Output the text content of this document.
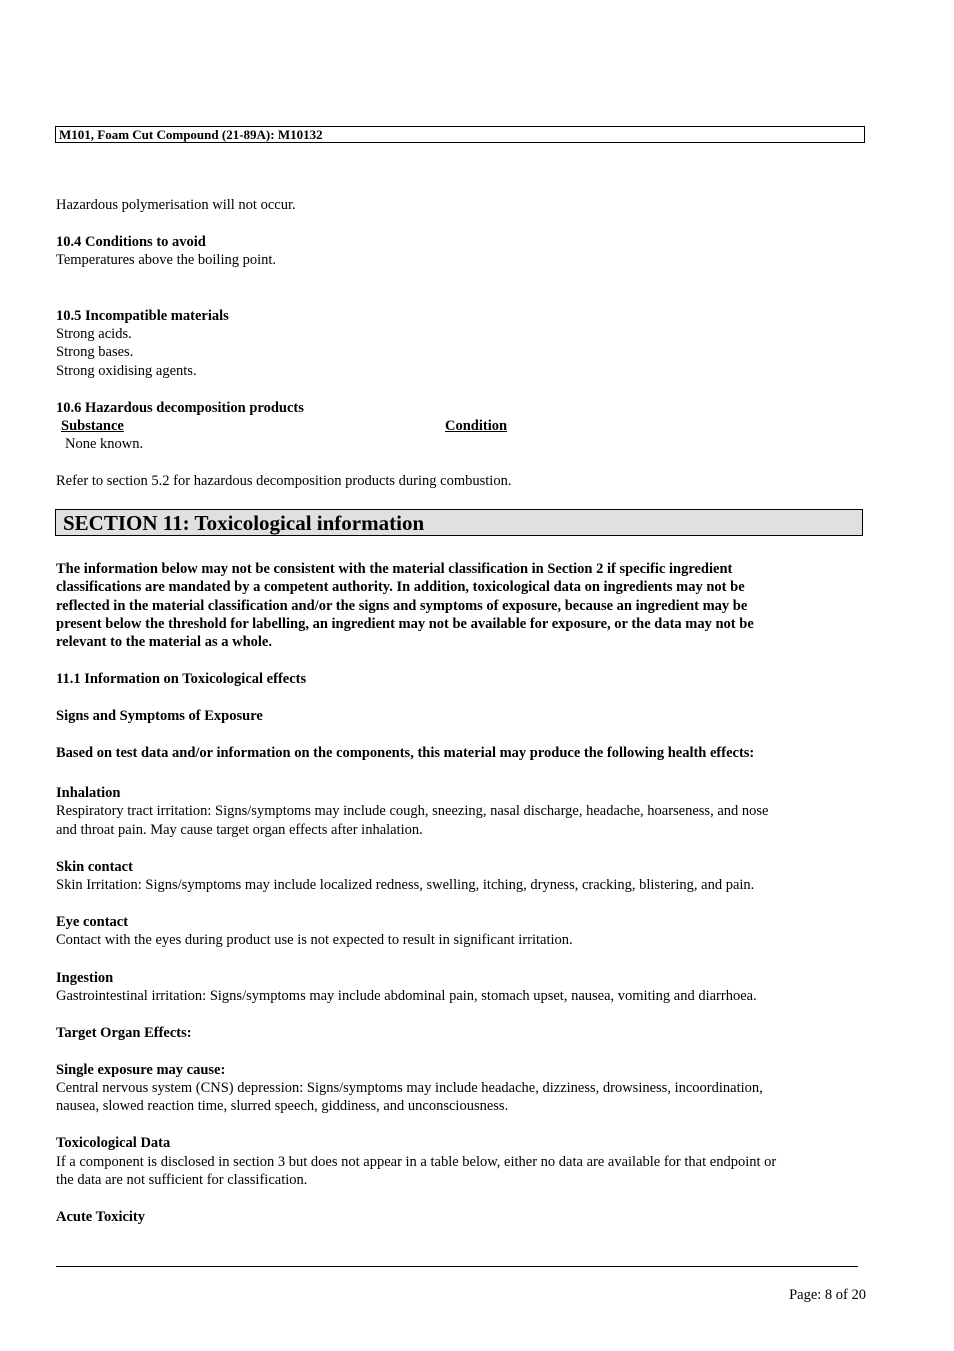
M101, Foam Cut Compound (21-89A): M10132
Hazardous polymerisation will not occur.
10.4 Conditions to avoid
Temperatures above the boiling point.
10.5 Incompatible materials
Strong acids.
Strong bases.
Strong oxidising agents.
10.6 Hazardous decomposition products
Substance	Condition
None known.
Refer to section 5.2 for hazardous decomposition products during combustion.
SECTION 11: Toxicological information
The information below may not be consistent with the material classification in Section 2 if specific ingredient
classifications are mandated by a competent authority. In addition, toxicological data on ingredients may not be
reflected in the material classification and/or the signs and symptoms of exposure, because an ingredient may be
present below the threshold for labelling, an ingredient may not be available for exposure, or the data may not be
relevant to the material as a whole.
11.1 Information on Toxicological effects
Signs and Symptoms of Exposure
Based on test data and/or information on the components, this material may produce the following health effects:
Inhalation
Respiratory tract irritation: Signs/symptoms may include cough, sneezing, nasal discharge, headache, hoarseness, and nose
and throat pain. May cause target organ effects after inhalation.
Skin contact
Skin Irritation: Signs/symptoms may include localized redness, swelling, itching, dryness, cracking, blistering, and pain.
Eye contact
Contact with the eyes during product use is not expected to result in significant irritation.
Ingestion
Gastrointestinal irritation: Signs/symptoms may include abdominal pain, stomach upset, nausea, vomiting and diarrhoea.
Target Organ Effects:
Single exposure may cause:
Central nervous system (CNS) depression: Signs/symptoms may include headache, dizziness, drowsiness, incoordination,
nausea, slowed reaction time, slurred speech, giddiness, and unconsciousness.
Toxicological Data
If a component is disclosed in section 3 but does not appear in a table below, either no data are available for that endpoint or
the data are not sufficient for classification.
Acute Toxicity
Page: 8 of 20
